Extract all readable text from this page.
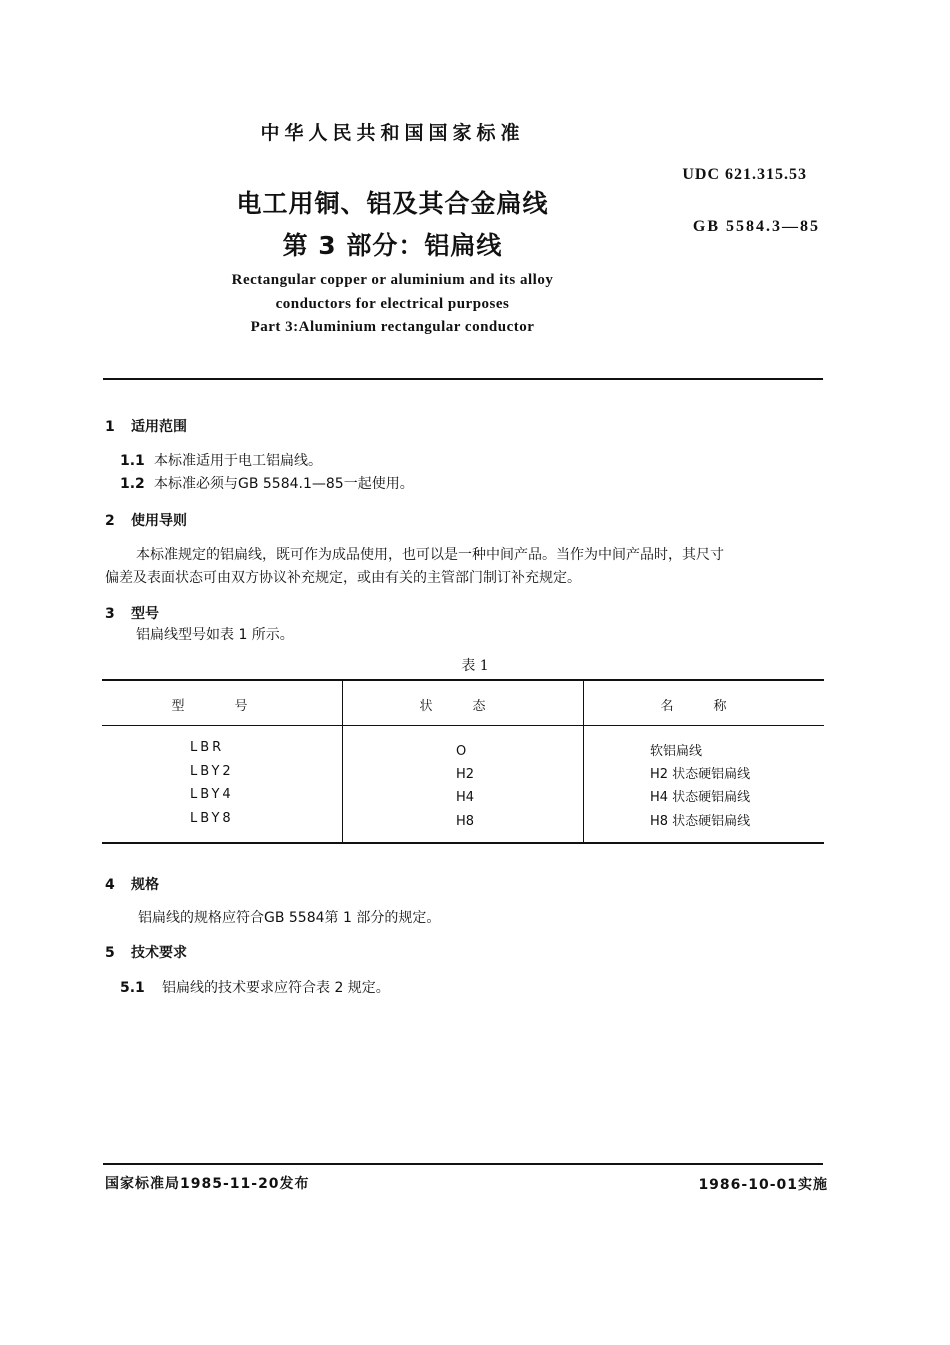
中华人民共和国国家标准
UDC 621.315.53
GB 5584.3—85
电工用铜、铝及其合金扁线
第 3 部分：铝扁线
Rectangular copper or aluminium and its alloy
conductors for electrical purposes
Part 3:Aluminium rectangular conductor
1 适用范围
1.1 本标准适用于电工铝扁线。
1.2 本标准必须与GB 5584.1—85一起使用。
2 使用导则
本标准规定的铝扁线，既可作为成品使用，也可以是一种中间产品。当作为中间产品时，其尺寸
偏差及表面状态可由双方协议补充规定，或由有关的主管部门制订补充规定。
3 型号
铝扁线型号如表 1 所示。
表 1
型号	状态	名称
LBR	O	软铝扁线
LBY2	H2	H2 状态硬铝扁线
LBY4	H4	H4 状态硬铝扁线
LBY8	H8	H8 状态硬铝扁线
4 规格
铝扁线的规格应符合GB 5584第 1 部分的规定。
5 技术要求
5.1 铝扁线的技术要求应符合表 2 规定。
国家标准局1985-11-20发布	1986-10-01实施
